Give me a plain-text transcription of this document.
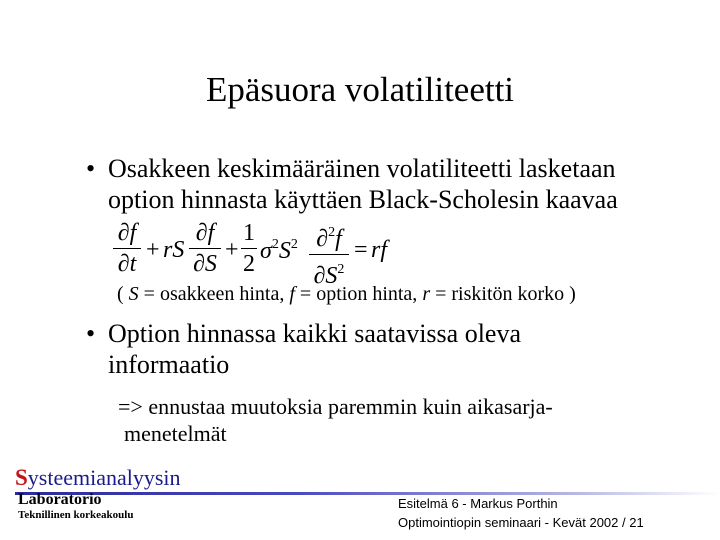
Epäsuora volatiliteetti
• Osakkeen keskimääräinen volatiliteetti lasketaan
option hinnasta käyttäen Black-Scholesin kaavaa
∂f
∂t
+ rS
∂f
∂S
+
1
2 $\sigma^2S^2$ ∂$^2$f
$\partial S^2$
= rf
( S = osakkeen hinta, f = option hinta, r = riskitön korko )
• Option hinnassa kaikki saatavissa oleva
informaatio
=> ennustaa muutoksia paremmin kuin aikasarja-
menetelmät
Systeemianalyysin
Laboratorio
Teknillinen korkeakoulu
Esitelmä 6 - Markus Porthin
Optimointiopin seminaari - Kevät 2002 / 21
